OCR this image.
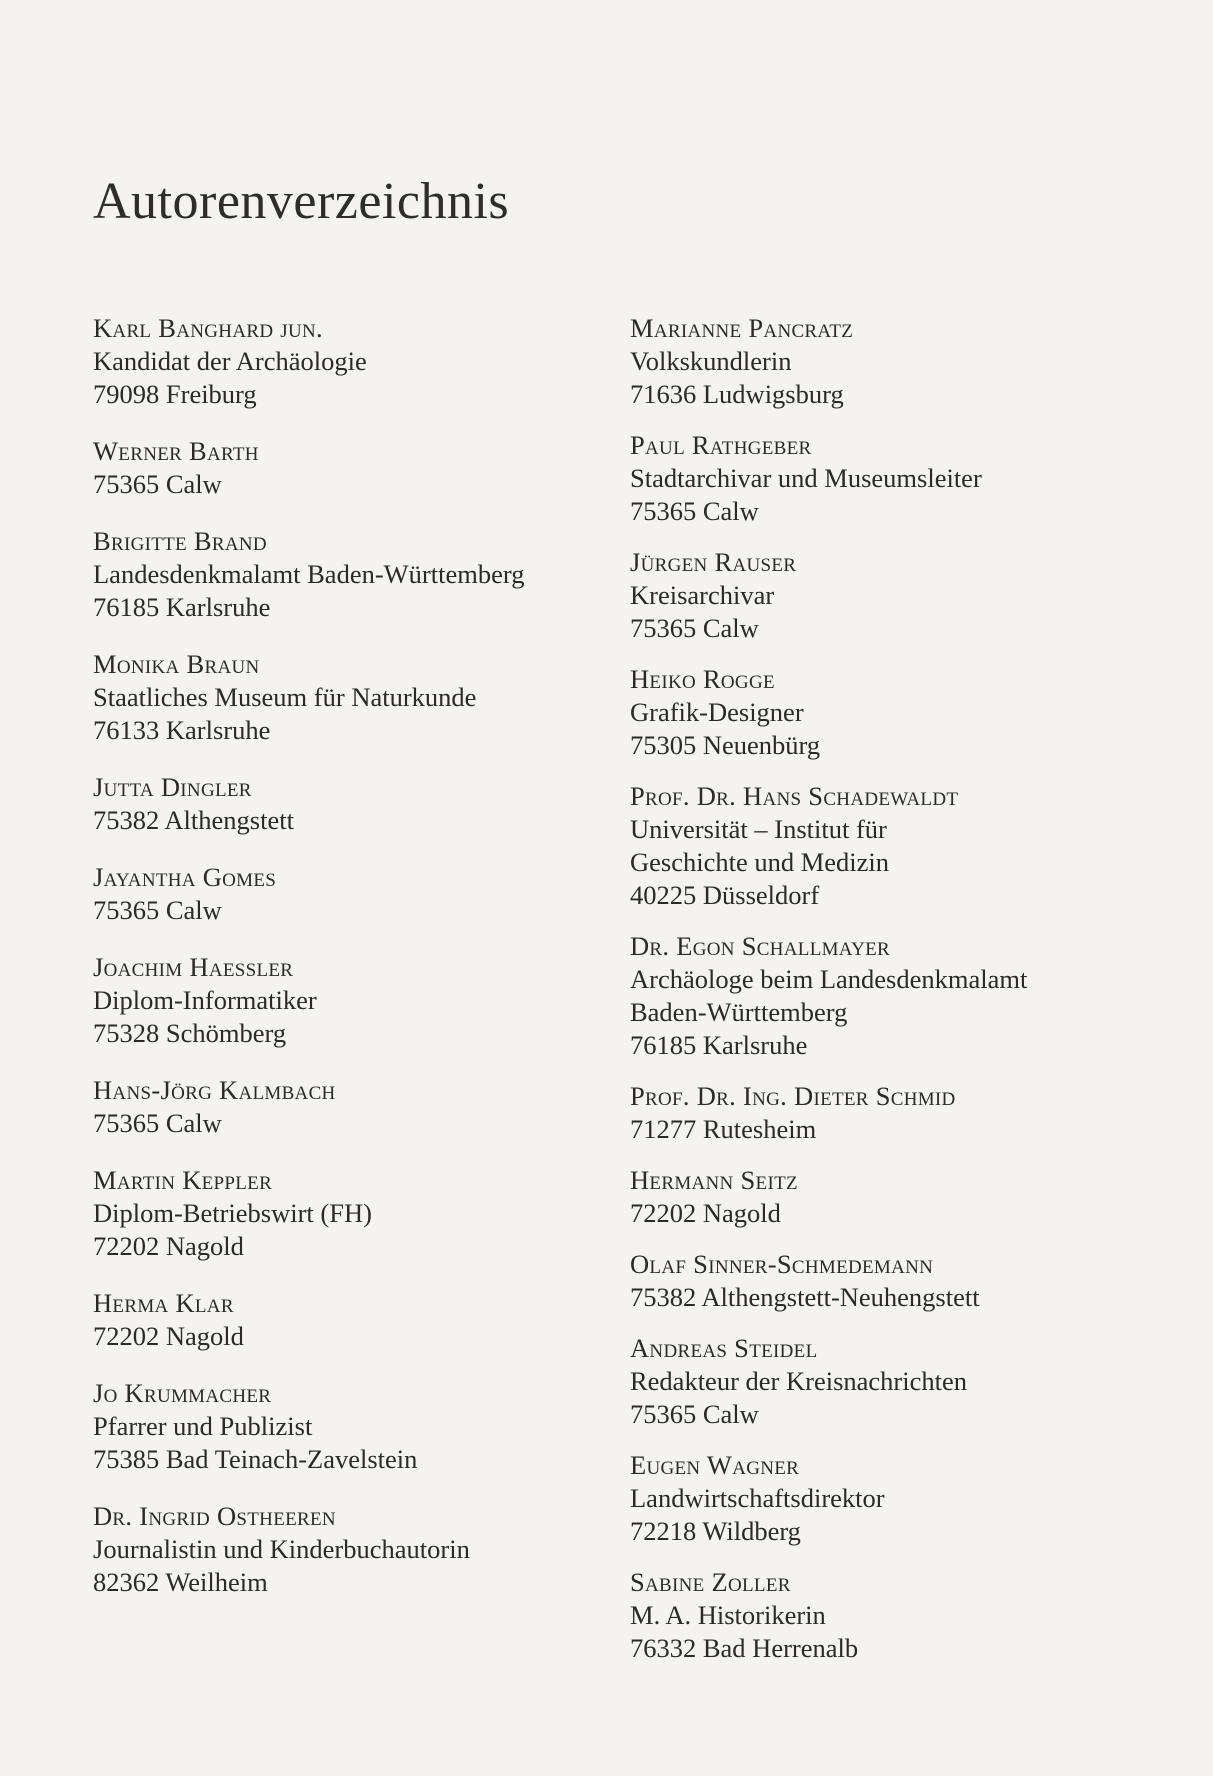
Autorenverzeichnis
Karl Banghard jun.
Kandidat der Archäologie
79098 Freiburg
Werner Barth
75365 Calw
Brigitte Brand
Landesdenkmalamt Baden-Württemberg
76185 Karlsruhe
Monika Braun
Staatliches Museum für Naturkunde
76133 Karlsruhe
Jutta Dingler
75382 Althengstett
Jayantha Gomes
75365 Calw
Joachim Haessler
Diplom-Informatiker
75328 Schömberg
Hans-Jörg Kalmbach
75365 Calw
Martin Keppler
Diplom-Betriebswirt (FH)
72202 Nagold
Herma Klar
72202 Nagold
Jo Krummacher
Pfarrer und Publizist
75385 Bad Teinach-Zavelstein
Dr. Ingrid Ostheeren
Journalistin und Kinderbuchautorin
82362 Weilheim
Marianne Pancratz
Volkskundlerin
71636 Ludwigsburg
Paul Rathgeber
Stadtarchivar und Museumsleiter
75365 Calw
Jürgen Rauser
Kreisarchivar
75365 Calw
Heiko Rogge
Grafik-Designer
75305 Neuenbürg
Prof. Dr. Hans Schadewaldt
Universität – Institut für
Geschichte und Medizin
40225 Düsseldorf
Dr. Egon Schallmayer
Archäologe beim Landesdenkmalamt
Baden-Württemberg
76185 Karlsruhe
Prof. Dr. Ing. Dieter Schmid
71277 Rutesheim
Hermann Seitz
72202 Nagold
Olaf Sinner-Schmedemann
75382 Althengstett-Neuhengstett
Andreas Steidel
Redakteur der Kreisnachrichten
75365 Calw
Eugen Wagner
Landwirtschaftsdirektor
72218 Wildberg
Sabine Zoller
M. A. Historikerin
76332 Bad Herrenalb
